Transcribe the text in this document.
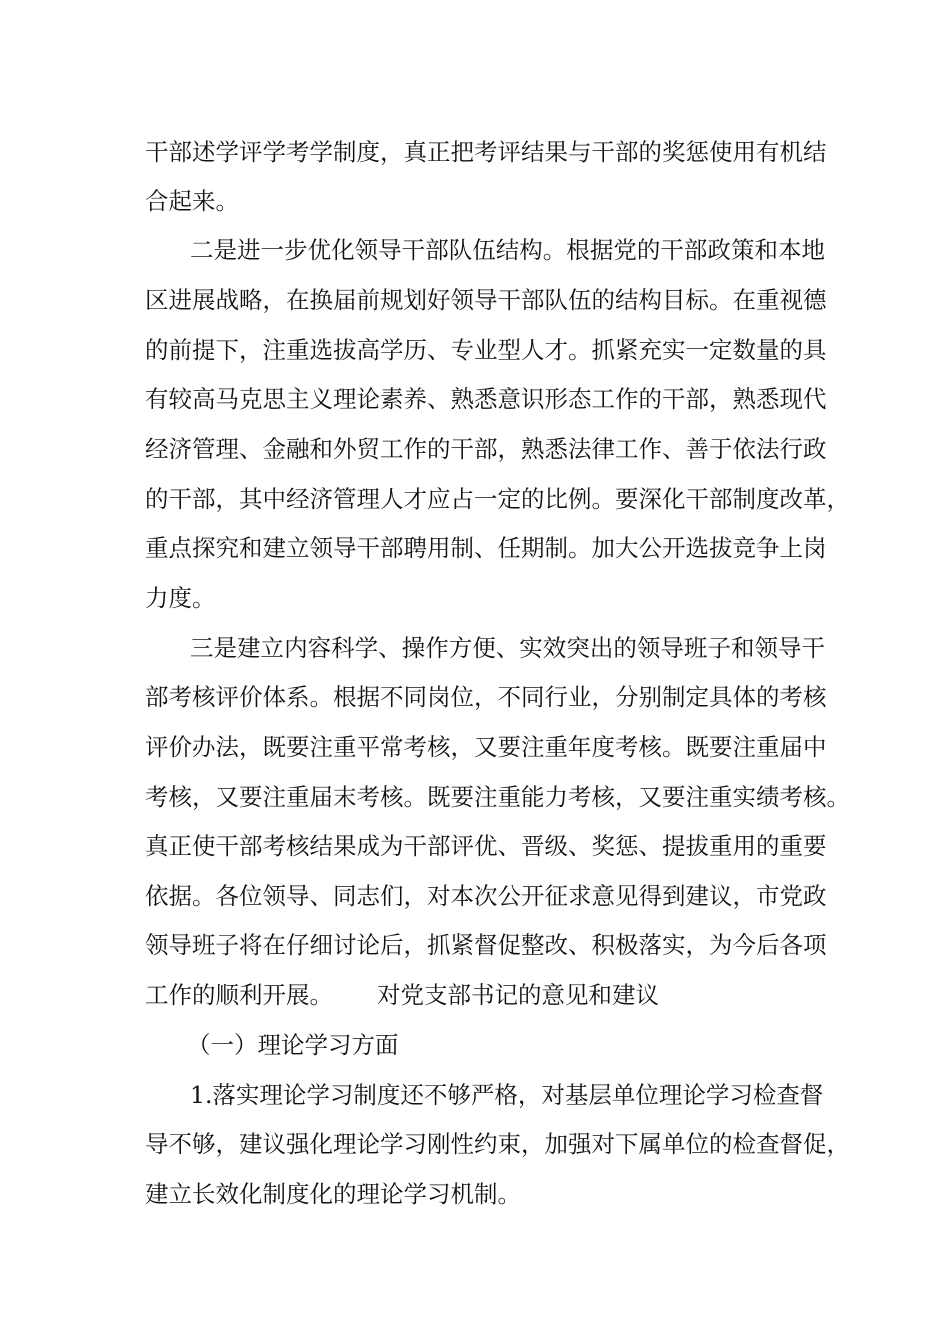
干部述学评学考学制度，真正把考评结果与干部的奖惩使用有机结
合起来。
二是进一步优化领导干部队伍结构。根据党的干部政策和本地
区进展战略，在换届前规划好领导干部队伍的结构目标。在重视德
的前提下，注重选拔高学历、专业型人才。抓紧充实一定数量的具
有较高马克思主义理论素养、熟悉意识形态工作的干部，熟悉现代
经济管理、金融和外贸工作的干部，熟悉法律工作、善于依法行政
的干部，其中经济管理人才应占一定的比例。要深化干部制度改革，
重点探究和建立领导干部聘用制、任期制。加大公开选拔竞争上岗
力度。
三是建立内容科学、操作方便、实效突出的领导班子和领导干
部考核评价体系。根据不同岗位，不同行业，分别制定具体的考核
评价办法，既要注重平常考核，又要注重年度考核。既要注重届中
考核，又要注重届末考核。既要注重能力考核，又要注重实绩考核。
真正使干部考核结果成为干部评优、晋级、奖惩、提拔重用的重要
依据。各位领导、同志们，对本次公开征求意见得到建议，市党政
领导班子将在仔细讨论后，抓紧督促整改、积极落实，为今后各项
工作的顺利开展。 对党支部书记的意见和建议
（一）理论学习方面
1.落实理论学习制度还不够严格，对基层单位理论学习检查督
导不够，建议强化理论学习刚性约束，加强对下属单位的检查督促，
建立长效化制度化的理论学习机制。
